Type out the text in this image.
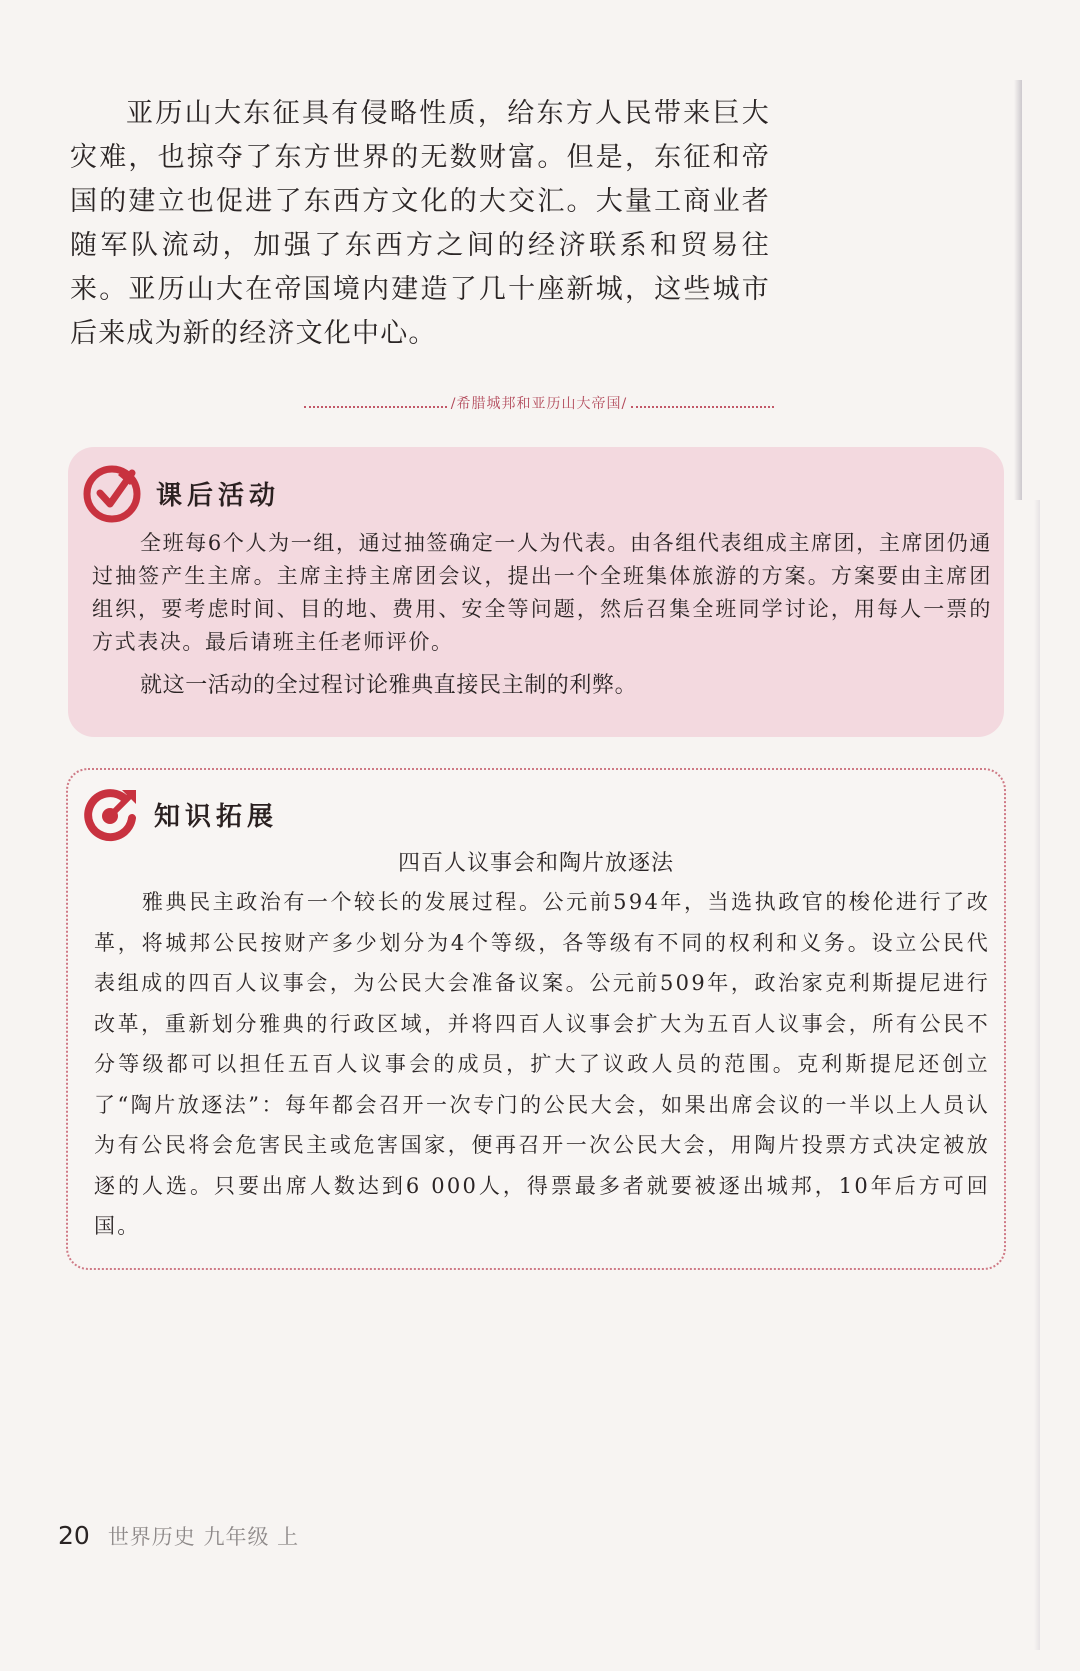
亚历山大东征具有侵略性质，给东方人民带来巨大灾难，也掠夺了东方世界的无数财富。但是，东征和帝国的建立也促进了东西方文化的大交汇。大量工商业者随军队流动，加强了东西方之间的经济联系和贸易往来。亚历山大在帝国境内建造了几十座新城，这些城市后来成为新的经济文化中心。

/希腊城邦和亚历山大帝国/
课后活动

全班每6个人为一组，通过抽签确定一人为代表。由各组代表组成主席团，主席团仍通过抽签产生主席。主席主持主席团会议，提出一个全班集体旅游的方案。方案要由主席团组织，要考虑时间、目的地、费用、安全等问题，然后召集全班同学讨论，用每人一票的方式表决。最后请班主任老师评价。

就这一活动的全过程讨论雅典直接民主制的利弊。

知识拓展
四百人议事会和陶片放逐法

雅典民主政治有一个较长的发展过程。公元前594年，当选执政官的梭伦进行了改革，将城邦公民按财产多少划分为4个等级，各等级有不同的权利和义务。设立公民代表组成的四百人议事会，为公民大会准备议案。公元前509年，政治家克利斯提尼进行改革，重新划分雅典的行政区域，并将四百人议事会扩大为五百人议事会，所有公民不分等级都可以担任五百人议事会的成员，扩大了议政人员的范围。克利斯提尼还创立了“陶片放逐法”：每年都会召开一次专门的公民大会，如果出席会议的一半以上人员认为有公民将会危害民主或危害国家，便再召开一次公民大会，用陶片投票方式决定被放逐的人选。只要出席人数达到6 000人，得票最多者就要被逐出城邦，10年后方可回国。

20 世界历史 九年级 上
